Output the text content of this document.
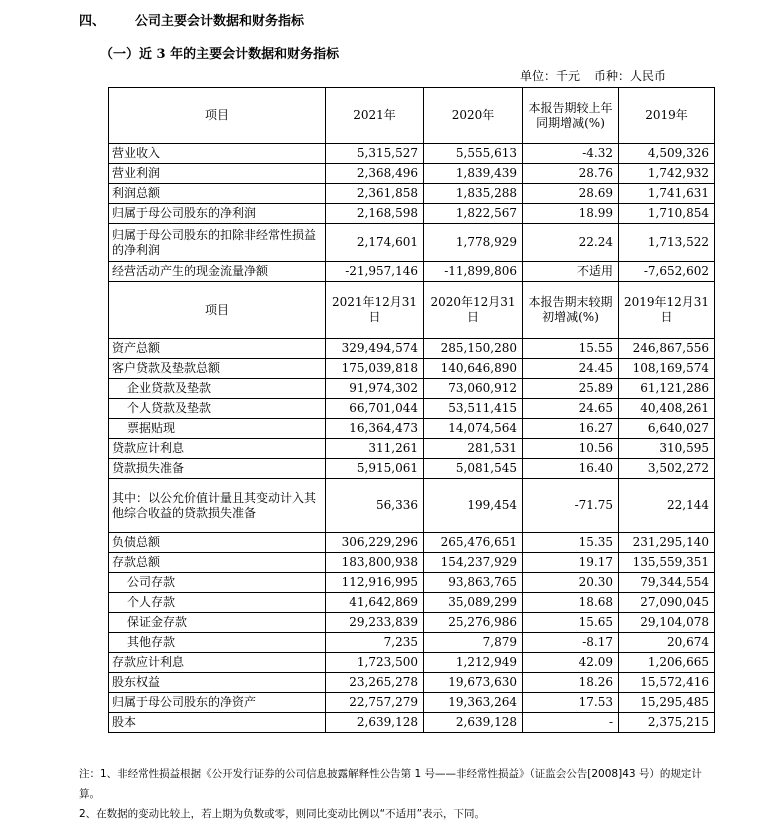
四、 公司主要会计数据和财务指标
（一）近 3 年的主要会计数据和财务指标
单位：千元 币种：人民币
项目	2021年	2020年	本报告期较上年同期增减(%)	2019年
营业收入	5,315,527	5,555,613	-4.32	4,509,326
营业利润	2,368,496	1,839,439	28.76	1,742,932
利润总额	2,361,858	1,835,288	28.69	1,741,631
归属于母公司股东的净利润	2,168,598	1,822,567	18.99	1,710,854
归属于母公司股东的扣除非经常性损益的净利润	2,174,601	1,778,929	22.24	1,713,522
经营活动产生的现金流量净额	-21,957,146	-11,899,806	不适用	-7,652,602
项目	2021年12月31日	2020年12月31日	本报告期末较期初增减(%)	2019年12月31日
资产总额	329,494,574	285,150,280	15.55	246,867,556
客户贷款及垫款总额	175,039,818	140,646,890	24.45	108,169,574
企业贷款及垫款	91,974,302	73,060,912	25.89	61,121,286
个人贷款及垫款	66,701,044	53,511,415	24.65	40,408,261
票据贴现	16,364,473	14,074,564	16.27	6,640,027
贷款应计利息	311,261	281,531	10.56	310,595
贷款损失准备	5,915,061	5,081,545	16.40	3,502,272
其中：以公允价值计量且其变动计入其他综合收益的贷款损失准备	56,336	199,454	-71.75	22,144
负债总额	306,229,296	265,476,651	15.35	231,295,140
存款总额	183,800,938	154,237,929	19.17	135,559,351
公司存款	112,916,995	93,863,765	20.30	79,344,554
个人存款	41,642,869	35,089,299	18.68	27,090,045
保证金存款	29,233,839	25,276,986	15.65	29,104,078
其他存款	7,235	7,879	-8.17	20,674
存款应计利息	1,723,500	1,212,949	42.09	1,206,665
股东权益	23,265,278	19,673,630	18.26	15,572,416
归属于母公司股东的净资产	22,757,279	19,363,264	17.53	15,295,485
股本	2,639,128	2,639,128	-	2,375,215

注：1、非经常性损益根据《公开发行证券的公司信息披露解释性公告第 1 号——非经常性损益》（证监会公告[2008]43 号）的规定计算。

2、在数据的变动比较上，若上期为负数或零，则同比变动比例以“不适用”表示，下同。
